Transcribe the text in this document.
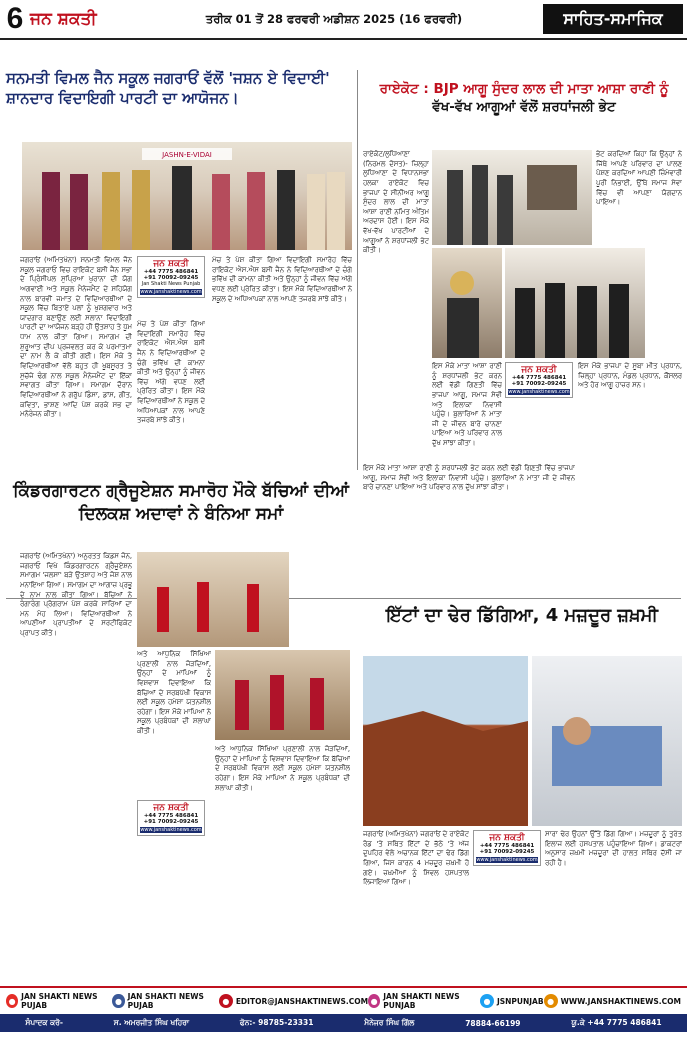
6 ਜਨ ਸ਼ਕਤੀ	ਤਰੀਕ 01 ਤੋਂ 28 ਫਰਵਰੀ ਅਡੀਸ਼ਨ 2025 (16 ਫਰਵਰੀ)	ਸਾਹਿਤ-ਸਮਾਜਿਕ
ਸਨਮਤੀ ਵਿਮਲ ਜੈਨ ਸਕੂਲ ਜਗਰਾਓਂ ਵੱਲੋਂ 'ਜਸ਼ਨ ਏ ਵਿਦਾਈ' ਸ਼ਾਨਦਾਰ ਵਿਦਾਇਗੀ ਪਾਰਟੀ ਦਾ ਆਯੋਜਨ।
JASHN-E-VIDAI
ਜਗਰਾਓਂ (ਅਮਿਤਖੰਨਾ) ਸਨਮਤੀ ਵਿਮਲ ਜੈਨ ਸਕੂਲ ਜਗਰਾਓਂ ਵਿਚ ਰਾਇਕੋਟ ਬਸੀ ਜੈਨ ਸਭਾ ਦੇ ਪ੍ਰਿੰਸੀਪਲ ਸੁਪ੍ਰਿਆ ਖੁਰਾਨਾ ਦੀ ਯੋਗ ਅਗਵਾਈ ਅਤੇ ਸਕੂਲ ਮੈਨੇਜਮੈਂਟ ਦੇ ਸਹਿਯੋਗ ਨਾਲ ਬਾਰਵੀਂ ਜਮਾਤ ਦੇ ਵਿਦਿਆਰਥੀਆਂ ਦੇ ਸਕੂਲ ਵਿੱਚ ਬਿਤਾਏ ਪਲਾਂ ਨੂੰ ਖੁਸ਼ਗਵਾਰ ਅਤੇ ਯਾਦਗਾਰ ਬਣਾਉਣ ਲਈ ਸਲਾਨਾ ਵਿਦਾਇਗੀ ਪਾਰਟੀ ਦਾ ਆਯੋਜਨ ਬੜ੍ਹੇ ਹੀ ਉਤਸ਼ਾਹ ਤੇ ਧੂਮ ਧਾਮ ਨਾਲ ਕੀਤਾ ਗਿਆ। ਸਮਾਗਮ ਦੀ ਸ਼ੁਰੂਆਤ ਦੀਪ ਪ੍ਰਜਵਲਤ ਕਰ ਕੇ ਪਰਮਾਤਮਾ ਦਾ ਨਾਮ ਲੈ ਕੇ ਕੀਤੀ ਗਈ। ਇਸ ਮੌਕੇ ਤੇ ਵਿਦਿਆਰਥੀਆਂ ਵੱਲੋਂ ਬਹੁਤ ਹੀ ਖੂਬਸੂਰਤ ਤੇ ਸੁਚੱਜੇ ਢੰਗ ਨਾਲ ਸਕੂਲ ਮੈਨੇਜਮੈਂਟ ਦਾ ਇੱਕਾ ਸਵਾਗਤ ਕੀਤਾ ਗਿਆ। ਸਮਾਗਮ ਦੌਰਾਨ ਵਿਦਿਆਰਥੀਆਂ ਨੇ ਗਰੁੱਪ ਡਿੰਸਾ, ਡਾਂਸ, ਗੀਤ, ਕਵਿਤਾ, ਭਾਸ਼ਣ ਆਦਿ ਪੇਸ਼ ਕਰਕੇ ਸਭ ਦਾ ਮਨੋਰੰਜਨ ਕੀਤਾ।
ਜਨ ਸ਼ਕਤੀ
+44 7775 486841
+91 70092-09245
Jan Shakti News Punjab
www.janshaktinews.com
ਮੰਚ ਤੇ ਪੇਸ਼ ਕੀਤਾ ਗਿਆ ਵਿਦਾਇਗੀ ਸਮਾਰੋਹ ਵਿੱਚ ਰਾਇਕੋਟ ਐਸ.ਐਸ ਬਸੀ ਜੈਨ ਨੇ ਵਿਦਿਆਰਥੀਆਂ ਦੇ ਚੰਗੇ ਭਵਿੱਖ ਦੀ ਕਾਮਨਾ ਕੀਤੀ ਅਤੇ ਉਨ੍ਹਾਂ ਨੂੰ ਜੀਵਨ ਵਿੱਚ ਅੱਗੇ ਵਧਣ ਲਈ ਪ੍ਰੇਰਿਤ ਕੀਤਾ। ਇਸ ਮੌਕੇ ਵਿਦਿਆਰਥੀਆਂ ਨੇ ਸਕੂਲ ਦੇ ਅਧਿਆਪਕਾਂ ਨਾਲ ਆਪਣੇ ਤਜਰਬੇ ਸਾਂਝੇ ਕੀਤੇ।
ਮੰਚ ਤੇ ਪੇਸ਼ ਕੀਤਾ ਗਿਆ ਵਿਦਾਇਗੀ ਸਮਾਰੋਹ ਵਿੱਚ ਰਾਇਕੋਟ ਐਸ.ਐਸ ਬਸੀ ਜੈਨ ਨੇ ਵਿਦਿਆਰਥੀਆਂ ਦੇ ਚੰਗੇ ਭਵਿੱਖ ਦੀ ਕਾਮਨਾ ਕੀਤੀ ਅਤੇ ਉਨ੍ਹਾਂ ਨੂੰ ਜੀਵਨ ਵਿੱਚ ਅੱਗੇ ਵਧਣ ਲਈ ਪ੍ਰੇਰਿਤ ਕੀਤਾ। ਇਸ ਮੌਕੇ ਵਿਦਿਆਰਥੀਆਂ ਨੇ ਸਕੂਲ ਦੇ ਅਧਿਆਪਕਾਂ ਨਾਲ ਆਪਣੇ ਤਜਰਬੇ ਸਾਂਝੇ ਕੀਤੇ।
ਰਾਏਕੋਟ : BJP ਆਗੂ ਸੁੰਦਰ ਲਾਲ ਦੀ ਮਾਤਾ ਆਸ਼ਾ ਰਾਣੀ ਨੂੰ
ਵੱਖ-ਵੱਖ ਆਗੂਆਂ ਵੱਲੋਂ ਸ਼ਰਧਾਂਜਲੀ ਭੇਟ
ਰਾਏਕੋਟ/ਲੁਧਿਆਣਾ (ਨਿਰਮਲ ਦੋਸਤ)- ਜ਼ਿਲ੍ਹਾ ਲੁਧਿਆਣਾ ਦੇ ਵਿਧਾਨਸਭਾ ਹਲਕਾ ਰਾਏਕੋਟ ਵਿਚ ਭਾਜਪਾ ਦੇ ਸੀਨੀਅਰ ਆਗੂ ਸੁੰਦਰ ਲਾਲ ਦੀ ਮਾਤਾ ਆਸ਼ਾ ਰਾਣੀ ਨਮਿਤ ਅੰਤਿਮ ਅਰਦਾਸ ਹੋਈ। ਇਸ ਮੌਕੇ ਵੱਖ-ਵੱਖ ਪਾਰਟੀਆਂ ਦੇ ਆਗੂਆਂ ਨੇ ਸ਼ਰਧਾਂਜਲੀ ਭੇਟ ਕੀਤੀ।
ਭੇਟ ਕਰਦਿਆਂ ਕਿਹਾ ਕਿ ਉਨ੍ਹਾਂ ਨੇ ਜਿੱਥੇ ਆਪਣੇ ਪਰਿਵਾਰ ਦਾ ਪਾਲਣ ਪੋਸ਼ਣ ਕਰਦਿਆਂ ਆਪਣੀ ਜ਼ਿੰਮੇਵਾਰੀ ਪੂਰੀ ਨਿਭਾਈ, ਉੱਥੇ ਸਮਾਜ ਸੇਵਾ ਵਿੱਚ ਵੀ ਆਪਣਾ ਯੋਗਦਾਨ ਪਾਇਆ।
ਇਸ ਮੌਕੇ ਮਾਤਾ ਆਸ਼ਾ ਰਾਣੀ ਨੂੰ ਸ਼ਰਧਾਂਜਲੀ ਭੇਟ ਕਰਨ ਲਈ ਵੱਡੀ ਗਿਣਤੀ ਵਿੱਚ ਭਾਜਪਾ ਆਗੂ, ਸਮਾਜ ਸੇਵੀ ਅਤੇ ਇਲਾਕਾ ਨਿਵਾਸੀ ਪਹੁੰਚੇ। ਬੁਲਾਰਿਆਂ ਨੇ ਮਾਤਾ ਜੀ ਦੇ ਜੀਵਨ ਬਾਰੇ ਚਾਨਣਾ ਪਾਇਆ ਅਤੇ ਪਰਿਵਾਰ ਨਾਲ ਦੁੱਖ ਸਾਂਝਾ ਕੀਤਾ।
ਜਨ ਸ਼ਕਤੀ
+44 7775 486841
+91 70092-09245
www.janshaktinews.com
ਇਸ ਮੌਕੇ ਭਾਜਪਾ ਦੇ ਸੂਬਾ ਮੀਤ ਪ੍ਰਧਾਨ, ਜ਼ਿਲ੍ਹਾ ਪ੍ਰਧਾਨ, ਮੰਡਲ ਪ੍ਰਧਾਨ, ਕੌਂਸਲਰ ਅਤੇ ਹੋਰ ਆਗੂ ਹਾਜ਼ਰ ਸਨ।
ਇਸ ਮੌਕੇ ਮਾਤਾ ਆਸ਼ਾ ਰਾਣੀ ਨੂੰ ਸ਼ਰਧਾਂਜਲੀ ਭੇਟ ਕਰਨ ਲਈ ਵੱਡੀ ਗਿਣਤੀ ਵਿੱਚ ਭਾਜਪਾ ਆਗੂ, ਸਮਾਜ ਸੇਵੀ ਅਤੇ ਇਲਾਕਾ ਨਿਵਾਸੀ ਪਹੁੰਚੇ। ਬੁਲਾਰਿਆਂ ਨੇ ਮਾਤਾ ਜੀ ਦੇ ਜੀਵਨ ਬਾਰੇ ਚਾਨਣਾ ਪਾਇਆ ਅਤੇ ਪਰਿਵਾਰ ਨਾਲ ਦੁੱਖ ਸਾਂਝਾ ਕੀਤਾ।
ਕਿੰਡਰਗਾਰਟਨ ਗ੍ਰੈਜੂਏਸ਼ਨ ਸਮਾਰੋਹ ਮੌਕੇ ਬੱਚਿਆਂ ਦੀਆਂ ਦਿਲਕਸ਼ ਅਦਾਵਾਂ ਨੇ ਬੰਨਿਆ ਸਮਾਂ
ਜਗਰਾਓਂ (ਅਮਿਤਖੰਨਾ) ਅਨੁਰਤਤ ਕਿਡਸ ਜੋਨ, ਜਗਰਾਓਂ ਵਿਖੇ ਕਿੰਡਰਗਾਰਟਨ ਗ੍ਰੈਜੂਏਸ਼ਨ ਸਮਾਗਮ 'ਜਲਸਾ' ਬੜੇ ਉਤਸ਼ਾਹ ਅਤੇ ਜੋਸ਼ ਨਾਲ ਮਨਾਇਆ ਗਿਆ। ਸਮਾਗਮ ਦਾ ਆਗਾਜ਼ ਪ੍ਰਭੂ ਦੇ ਨਾਮ ਨਾਲ ਕੀਤਾ ਗਿਆ। ਬੱਚਿਆਂ ਨੇ ਰੰਗਾਰੰਗ ਪ੍ਰੋਗਰਾਮ ਪੇਸ਼ ਕਰਕੇ ਸਾਰਿਆਂ ਦਾ ਮਨ ਮੋਹ ਲਿਆ। ਵਿਦਿਆਰਥੀਆਂ ਨੇ ਆਪਣੀਆਂ ਪ੍ਰਾਪਤੀਆਂ ਦੇ ਸਰਟੀਫਿਕੇਟ ਪ੍ਰਾਪਤ ਕੀਤੇ।
ਅਤੇ ਆਧੁਨਿਕ ਸਿੱਖਿਆ ਪ੍ਰਣਾਲੀ ਨਾਲ ਜੋੜਦਿਆਂ, ਉਨ੍ਹਾਂ ਦੇ ਮਾਪਿਆਂ ਨੂੰ ਵਿਸ਼ਵਾਸ ਦਿਵਾਇਆ ਕਿ ਬੱਚਿਆਂ ਦੇ ਸਰਬਪੱਖੀ ਵਿਕਾਸ ਲਈ ਸਕੂਲ ਹਮੇਸ਼ਾ ਯਤਨਸ਼ੀਲ ਰਹੇਗਾ। ਇਸ ਮੌਕੇ ਮਾਪਿਆਂ ਨੇ ਸਕੂਲ ਪ੍ਰਬੰਧਕਾਂ ਦੀ ਸ਼ਲਾਘਾ ਕੀਤੀ।
ਅਤੇ ਆਧੁਨਿਕ ਸਿੱਖਿਆ ਪ੍ਰਣਾਲੀ ਨਾਲ ਜੋੜਦਿਆਂ, ਉਨ੍ਹਾਂ ਦੇ ਮਾਪਿਆਂ ਨੂੰ ਵਿਸ਼ਵਾਸ ਦਿਵਾਇਆ ਕਿ ਬੱਚਿਆਂ ਦੇ ਸਰਬਪੱਖੀ ਵਿਕਾਸ ਲਈ ਸਕੂਲ ਹਮੇਸ਼ਾ ਯਤਨਸ਼ੀਲ ਰਹੇਗਾ। ਇਸ ਮੌਕੇ ਮਾਪਿਆਂ ਨੇ ਸਕੂਲ ਪ੍ਰਬੰਧਕਾਂ ਦੀ ਸ਼ਲਾਘਾ ਕੀਤੀ।
ਜਨ ਸ਼ਕਤੀ
+44 7775 486841
+91 70092-09245
www.janshaktinews.com
ਇੱਟਾਂ ਦਾ ਢੇਰ ਡਿੱਗਿਆ, 4 ਮਜ਼ਦੂਰ ਜ਼ਖ਼ਮੀ
ਜਗਰਾਓਂ (ਅਮਿਤਖੰਨਾ) ਜਗਰਾਓਂ ਦੇ ਰਾਏਕੋਟ ਰੋਡ 'ਤੇ ਸਥਿਤ ਇੱਟਾਂ ਦੇ ਭੱਠੇ 'ਤੇ ਅੱਜ ਦੁਪਹਿਰ ਵੇਲੇ ਅਚਾਨਕ ਇੱਟਾਂ ਦਾ ਢੇਰ ਡਿੱਗ ਗਿਆ, ਜਿਸ ਕਾਰਨ 4 ਮਜ਼ਦੂਰ ਜ਼ਖ਼ਮੀ ਹੋ ਗਏ। ਜ਼ਖ਼ਮੀਆਂ ਨੂੰ ਸਿਵਲ ਹਸਪਤਾਲ ਲਿਜਾਇਆ ਗਿਆ।
ਜਨ ਸ਼ਕਤੀ
+44 7775 486841
+91 70092-09245
www.janshaktinews.com
ਸਾਰਾ ਢੇਰ ਉਹਨਾਂ ਉੱਤੇ ਡਿੱਗ ਗਿਆ। ਮਜ਼ਦੂਰਾਂ ਨੂੰ ਤੁਰੰਤ ਇਲਾਜ ਲਈ ਹਸਪਤਾਲ ਪਹੁੰਚਾਇਆ ਗਿਆ। ਡਾਕਟਰਾਂ ਅਨੁਸਾਰ ਜ਼ਖ਼ਮੀ ਮਜ਼ਦੂਰਾਂ ਦੀ ਹਾਲਤ ਸਥਿਰ ਦੱਸੀ ਜਾ ਰਹੀ ਹੈ।
● JAN SHAKTI NEWS PUJAB	● JAN SHAKTI NEWS PUJAB	● EDITOR@JANSHAKTINEWS.COM ● JAN SHAKTI NEWS PUNJAB	● JSNPUNJAB ● WWW.JANSHAKTINEWS.COM
ਸੰਪਾਦਕ ਕਰੋ-	ਸ. ਅਮਰਜੀਤ ਸਿੰਘ ਖਹਿਰਾ	ਫੋਨ:- 98785-23331	ਮੈਨੇਜਰ ਸਿੰਘ ਗਿੱਲ	78884-66199	ਯੂ.ਕੇ +44 7775 486841
